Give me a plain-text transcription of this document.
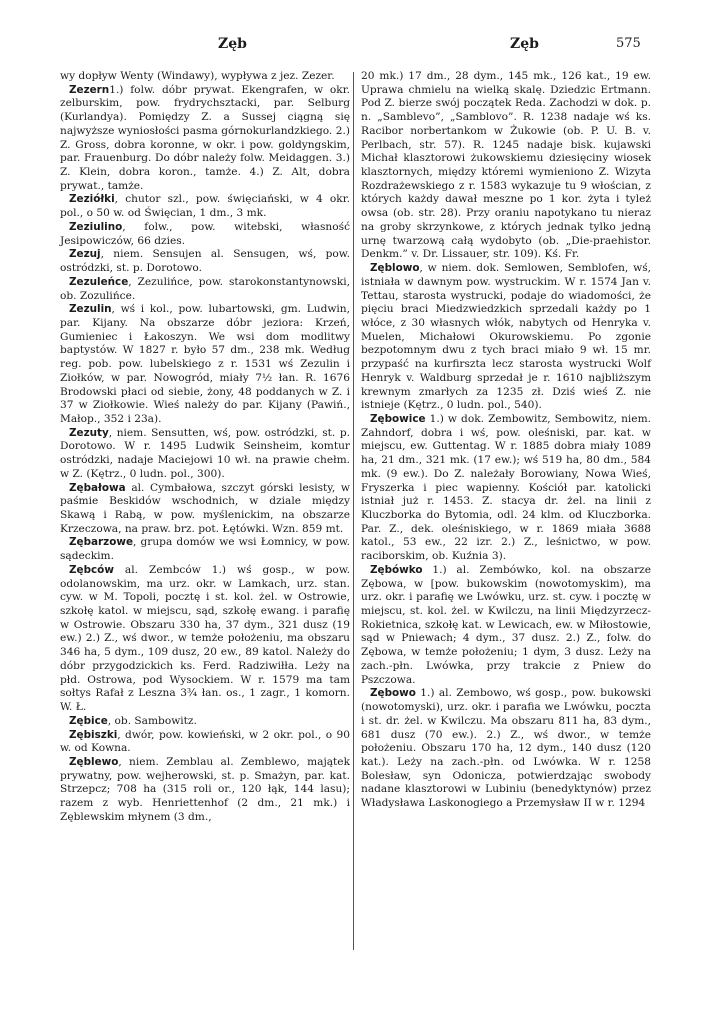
Zęb	Zęb	575

wy dopływ Wenty (Windawy), wypływa z jez. Zezer.

Zezern1.) folw. dóbr prywat. Ekengrafen, w okr. zelburskim, pow. frydrychsztacki, par. Selburg (Kurlandya). Pomiędzy Z. a Sussej ciągną się najwyższe wyniosłości pasma górnokurlandzkiego. 2.) Z. Gross, dobra koronne, w okr. i pow. goldyngskim, par. Frauenburg. Do dóbr należy folw. Meidaggen. 3.) Z. Klein, dobra koron., tamże. 4.) Z. Alt, dobra prywat., tamże.

Zeziółki, chutor szl., pow. święciański, w 4 okr. pol., o 50 w. od Święcian, 1 dm., 3 mk.

Zeziulino, folw., pow. witebski, własność Jesipowiczów, 66 dzies.

Zezuj, niem. Sensujen al. Sensugen, wś, pow. ostródzki, st. p. Dorotowo.

Zezuleńce, Zezulińce, pow. starokonstantynowski, ob. Zozulińce.

Zezulin, wś i kol., pow. lubartowski, gm. Ludwin, par. Kijany. Na obszarze dóbr jeziora: Krzeń, Gumieniec i Łakoszyn. We wsi dom modlitwy baptystów. W 1827 r. było 57 dm., 238 mk. Według reg. pob. pow. lubelskiego z r. 1531 wś Zezulin i Ziołków, w par. Nowogród, miały 7½ łan. R. 1676 Brodowski płaci od siebie, żony, 48 poddanych w Z. i 37 w Ziołkowie. Wieś należy do par. Kijany (Pawiń., Małop., 352 i 23a).

Zezuty, niem. Sensutten, wś, pow. ostródzki, st. p. Dorotowo. W r. 1495 Ludwik Seinsheim, komtur ostródzki, nadaje Maciejowi 10 wł. na prawie chełm. w Z. (Kętrz., 0 ludn. pol., 300).

Zębałowa al. Cymbałowa, szczyt górski lesisty, w paśmie Beskidów wschodnich, w dziale między Skawą i Rabą, w pow. myślenickim, na obszarze Krzeczowa, na praw. brz. pot. Łętówki. Wzn. 859 mt.

Zębarzowe, grupa domów we wsi Łomnicy, w pow. sądeckim.

Zębców al. Zembców 1.) wś gosp., w pow. odolanowskim, ma urz. okr. w Lamkach, urz. stan. cyw. w M. Topoli, pocztę i st. kol. żel. w Ostrowie, szkołę katol. w miejscu, sąd, szkołę ewang. i parafię w Ostrowie. Obszaru 330 ha, 37 dym., 321 dusz (19 ew.) 2.) Z., wś dwor., w temże położeniu, ma obszaru 346 ha, 5 dym., 109 dusz, 20 ew., 89 katol. Należy do dóbr przygodzickich ks. Ferd. Radziwiłła. Leży na płd. Ostrowa, pod Wysockiem. W r. 1579 ma tam sołtys Rafał z Leszna 3¾ łan. os., 1 zagr., 1 komorn. W. Ł.

Zębice, ob. Sambowitz.

Zębiszki, dwór, pow. kowieński, w 2 okr. pol., o 90 w. od Kowna.

Zęblewo, niem. Zemblau al. Zemblewo, majątek prywatny, pow. wejherowski, st. p. Smażyn, par. kat. Strzepcz; 708 ha (315 roli or., 120 łąk, 144 lasu); razem z wyb. Henriettenhof (2 dm., 21 mk.) i Zęblewskim młynem (3 dm.,

20 mk.) 17 dm., 28 dym., 145 mk., 126 kat., 19 ew. Uprawa chmielu na wielką skalę. Dziedzic Ertmann. Pod Z. bierze swój początek Reda. Zachodzi w dok. p. n. „Samblevo”, „Samblovo”. R. 1238 nadaje wś ks. Racibor norbertankom w Żukowie (ob. P. U. B. v. Perlbach, str. 57). R. 1245 nadaje bisk. kujawski Michał klasztorowi żukowskiemu dziesięciny wiosek klasztornych, między któremi wymieniono Z. Wizyta Rozdrażewskiego z r. 1583 wykazuje tu 9 włościan, z których każdy dawał meszne po 1 kor. żyta i tyleż owsa (ob. str. 28). Przy oraniu napotykano tu nieraz na groby skrzynkowe, z których jednak tylko jedną urnę twarzową całą wydobyto (ob. „Die-praehistor. Denkm.” v. Dr. Lissauer, str. 109). Kś. Fr.

Zęblowo, w niem. dok. Semlowen, Semblofen, wś, istniała w dawnym pow. wystruckim. W r. 1574 Jan v. Tettau, starosta wystrucki, podaje do wiadomości, że pięciu braci Miedzwiedzkich sprzedali każdy po 1 włóce, z 30 własnych włók, nabytych od Henryka v. Muelen, Michałowi Okurowskiemu. Po zgonie bezpotomnym dwu z tych braci miało 9 wł. 15 mr. przypaść na kurfirszta lecz starosta wystrucki Wolf Henryk v. Waldburg sprzedał je r. 1610 najbliższym krewnym zmarłych za 1235 zł. Dziś wieś Z. nie istnieje (Kętrz., 0 ludn. pol., 540).

Zębowice 1.) w dok. Zembowitz, Sembowitz, niem. Zahndorf, dobra i wś, pow. oleśniski, par. kat. w miejscu, ew. Guttentag. W r. 1885 dobra miały 1089 ha, 21 dm., 321 mk. (17 ew.); wś 519 ha, 80 dm., 584 mk. (9 ew.). Do Z. należały Borowiany, Nowa Wieś, Fryszerka i piec wapienny. Kościół par. katolicki istniał już r. 1453. Z. stacya dr. żel. na linii z Kluczborka do Bytomia, odl. 24 klm. od Kluczborka. Par. Z., dek. oleśniskiego, w r. 1869 miała 3688 katol., 53 ew., 22 izr. 2.) Z., leśnictwo, w pow. raciborskim, ob. Kuźnia 3).

Zębówko 1.) al. Zembówko, kol. na obszarze Zębowa, w [pow. bukowskim (nowotomyskim), ma urz. okr. i parafię we Lwówku, urz. st. cyw. i pocztę w miejscu, st. kol. żel. w Kwilczu, na linii Międzyrzecz-Rokietnica, szkołę kat. w Lewicach, ew. w Miłostowie, sąd w Pniewach; 4 dym., 37 dusz. 2.) Z., folw. do Zębowa, w temże położeniu; 1 dym, 3 dusz. Leży na zach.-płn. Lwówka, przy trakcie z Pniew do Pszczowa.

Zębowo 1.) al. Zembowo, wś gosp., pow. bukowski (nowotomyski), urz. okr. i parafia we Lwówku, poczta i st. dr. żel. w Kwilczu. Ma obszaru 811 ha, 83 dym., 681 dusz (70 ew.). 2.) Z., wś dwor., w temże położeniu. Obszaru 170 ha, 12 dym., 140 dusz (120 kat.). Leży na zach.-płn. od Lwówka. W r. 1258 Bolesław, syn Odonicza, potwierdzając swobody nadane klasztorowi w Lubiniu (benedyktynów) przez Władysława Laskonogiego a Przemysław II w r. 1294
